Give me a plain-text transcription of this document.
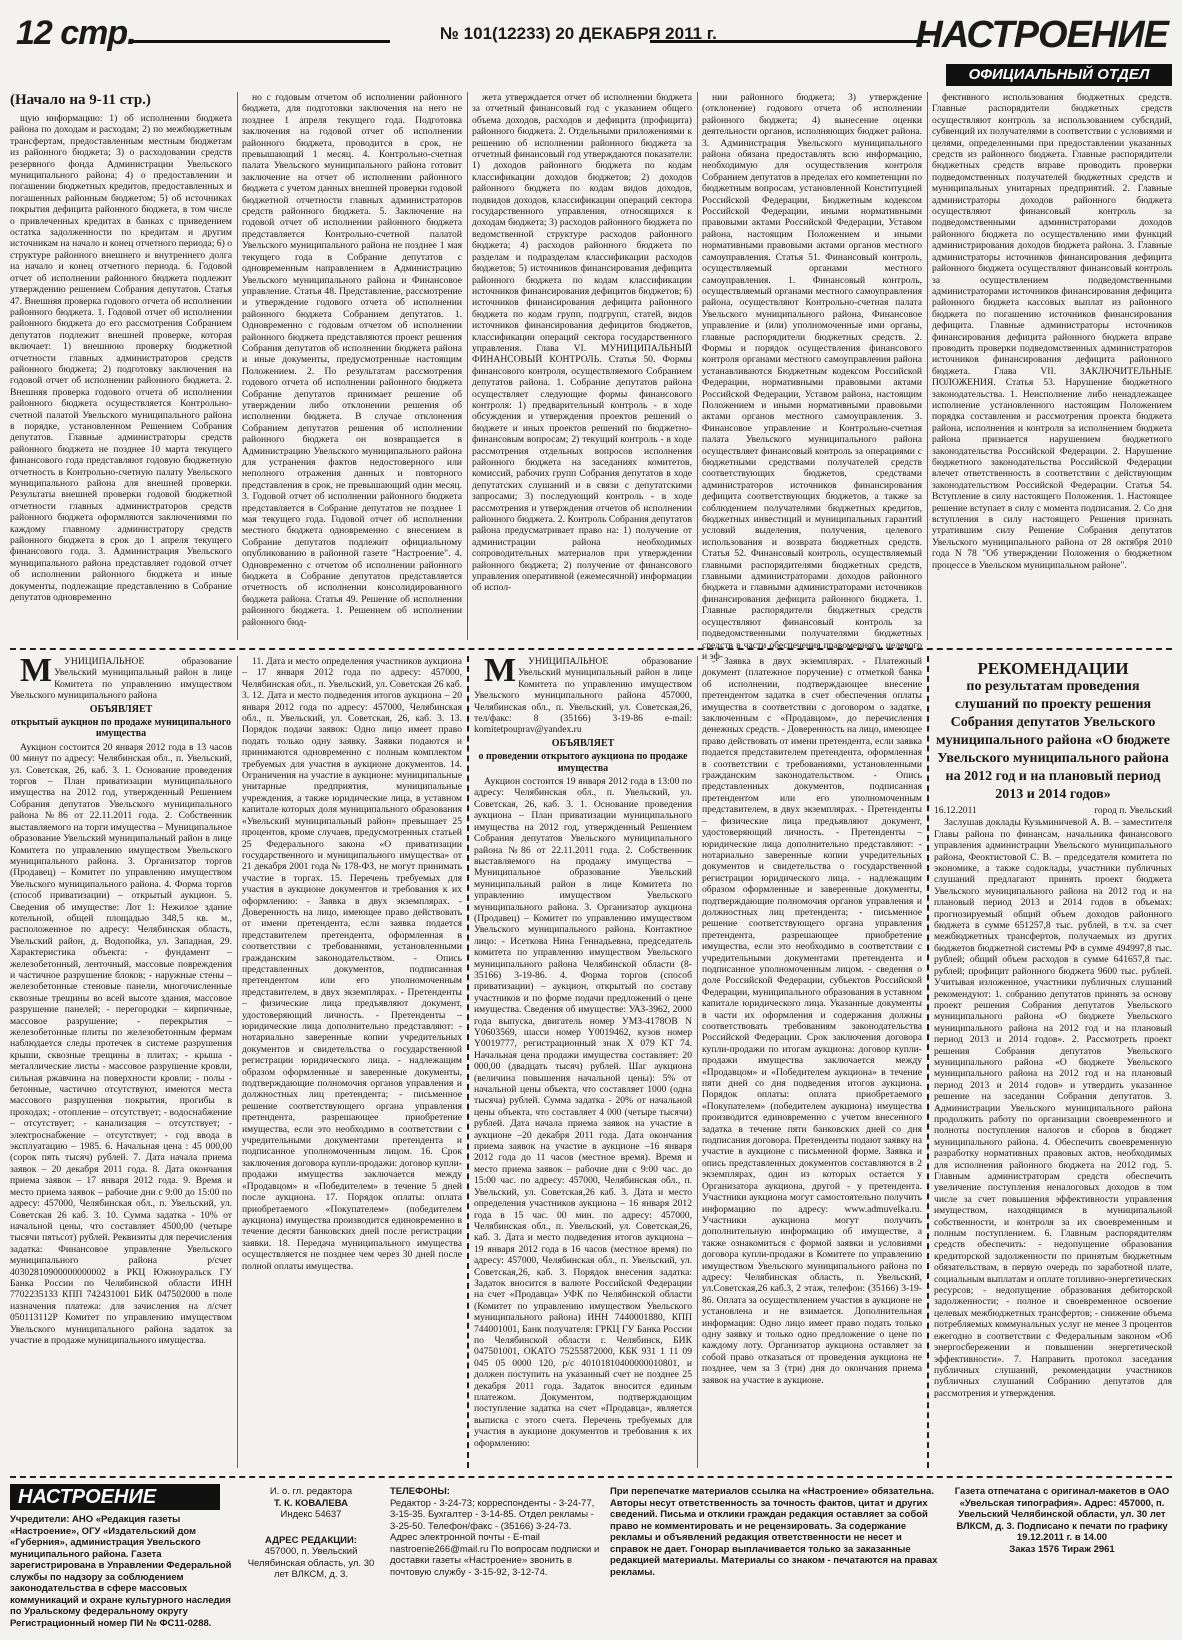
12 стр.	№ 101(12233) 20 ДЕКАБРЯ 2011 г.	НАСТРОЕНИЕ
ОФИЦИАЛЬНЫЙ ОТДЕЛ
(Начало на 9-11 стр.)

щую информацию: 1) об исполнении бюджета района по доходам и расходам; 2) по межбюджетным трансфертам, предоставленным местным бюджетам из районного бюджета; 3) о расходовании средств резервного фонда Администрации Увельского муниципального района; 4) о предоставлении и погашении бюджетных кредитов, предоставленных и погашенных районным бюджетом; 5) об источниках покрытия дефицита районного бюджета, в том числе о привлеченных кредитах в банках с приведением остатка задолженности по кредитам и другим источникам на начало и конец отчетного периода; 6) о структуре районного внешнего и внутреннего долга на начало и конец отчетного периода. 6. Годовой отчет об исполнении районного бюджета подлежит утверждению решением Собрания депутатов. Статья 47. Внешняя проверка годового отчета об исполнении районного бюджета. 1. Годовой отчет об исполнении районного бюджета до его рассмотрения Собранием депутатов подлежит внешней проверке, которая включает: 1) внешнюю проверку бюджетной отчетности главных администраторов средств районного бюджета; 2) подготовку заключения на годовой отчет об исполнении районного бюджета. 2. Внешняя проверка годового отчета об исполнении районного бюджета осуществляется Контрольно-счетной палатой Увельского муниципального района в порядке, установленном Решением Собрания депутатов. Главные администраторы средств районного бюджета не позднее 10 марта текущего финансового года представляют годовую бюджетную отчетность в Контрольно-счетную палату Увельского муниципального района для внешней проверки. Результаты внешней проверки годовой бюджетной отчетности главных администраторов средств районного бюджета оформляются заключениями по каждому главному администратору средств районного бюджета в срок до 1 апреля текущего финансового года. 3. Администрация Увельского муниципального района представляет годовой отчет об исполнении районного бюджета и иные документы, подлежащие представлению в Собрание депутатов одновременно

но с годовым отчетом об исполнении районного бюджета, для подготовки заключения на него не позднее 1 апреля текущего года. Подготовка заключения на годовой отчет об исполнении районного бюджета, проводится в срок, не превышающий 1 месяц. 4. Контрольно-счетная палата Увельского муниципального района готовит заключение на отчет об исполнении районного бюджета с учетом данных внешней проверки годовой бюджетной отчетности главных администраторов средств районного бюджета. 5. Заключение на годовой отчет об исполнении районного бюджета представляется Контрольно-счетной палатой Увельского муниципального района не позднее 1 мая текущего года в Собрание депутатов с одновременным направлением в Администрацию Увельского муниципального района и Финансовое управление. Статья 48. Представление, рассмотрение и утверждение годового отчета об исполнении районного бюджета Собранием депутатов. 1. Одновременно с годовым отчетом об исполнении районного бюджета представляются проект решения Собрания депутатов об исполнении бюджета района и иные документы, предусмотренные настоящим Положением. 2. По результатам рассмотрения годового отчета об исполнении районного бюджета Собрание депутатов принимает решение об утверждении либо отклонении решения об исполнении бюджета. В случае отклонения Собранием депутатов решения об исполнении районного бюджета он возвращается в Администрацию Увельского муниципального района для устранения фактов недостоверного или неполного отражения данных и повторного представления в срок, не превышающий один месяц. 3. Годовой отчет об исполнении районного бюджета представляется в Собрание депутатов не позднее 1 мая текущего года. Годовой отчет об исполнении местного бюджета одновременно с внесением в Собрание депутатов подлежит официальному опубликованию в районной газете "Настроение". 4. Одновременно с отчетом об исполнении районного бюджета в Собрание депутатов представляется отчетность об исполнении консолидированного бюджета района. Статья 49. Решение об исполнении районного бюджета. 1. Решением об исполнении районного бюд-

жета утверждается отчет об исполнении бюджета за отчетный финансовый год с указанием общего объема доходов, расходов и дефицита (профицита) районного бюджета. 2. Отдельными приложениями к решению об исполнении районного бюджета за отчетный финансовый год утверждаются показатели: 1) доходов районного бюджета по кодам классификации доходов бюджетов; 2) доходов районного бюджета по кодам видов доходов, подвидов доходов, классификации операций сектора государственного управления, относящихся к доходам бюджета; 3) расходов районного бюджета по ведомственной структуре расходов районного бюджета; 4) расходов районного бюджета по разделам и подразделам классификации расходов бюджетов; 5) источников финансирования дефицита районного бюджета по кодам классификации источников финансирования дефицитов бюджетов; 6) источников финансирования дефицита районного бюджета по кодам групп, подгрупп, статей, видов источников финансирования дефицитов бюджетов, классификации операций сектора государственного управления. Глава VI. МУНИЦИПАЛЬНЫЙ ФИНАНСОВЫЙ КОНТРОЛЬ. Статья 50. Формы финансового контроля, осуществляемого Собранием депутатов района. 1. Собрание депутатов района осуществляет следующие формы финансового контроля: 1) предварительный контроль - в ходе обсуждения и утверждения проектов решений о бюджете и иных проектов решений по бюджетно-финансовым вопросам; 2) текущий контроль - в ходе рассмотрения отдельных вопросов исполнения районного бюджета на заседаниях комитетов, комиссий, рабочих групп Собрания депутатов в ходе депутатских слушаний и в связи с депутатскими запросами; 3) последующий контроль - в ходе рассмотрения и утверждения отчетов об исполнении районного бюджета. 2. Контроль Собрания депутатов района предусматривает право на: 1) получение от администрации района необходимых сопроводительных материалов при утверждении районного бюджета; 2) получение от финансового управления оперативной (ежемесячной) информации об испол-

нии районного бюджета; 3) утверждение (отклонение) годового отчета об исполнении районного бюджета; 4) вынесение оценки деятельности органов, исполняющих бюджет района. 3. Администрация Увельского муниципального района обязана предоставлять всю информацию, необходимую для осуществления контроля Собранием депутатов в пределах его компетенции по бюджетным вопросам, установленной Конституцией Российской Федерации, Бюджетным кодексом Российской Федерации, иными нормативными правовыми актами Российской Федерации, Уставом района, настоящим Положением и иными нормативными правовыми актами органов местного самоуправления. Статья 51. Финансовый контроль, осуществляемый органами местного самоуправления. 1. Финансовый контроль, осуществляемый органами местного самоуправления района, осуществляют Контрольно-счетная палата Увельского муниципального района, Финансовое управление и (или) уполномоченные ими органы, главные распорядители бюджетных средств. 2. Формы и порядок осуществления финансового контроля органами местного самоуправления района устанавливаются Бюджетным кодексом Российской Федерации, нормативными правовыми актами Российской Федерации, Уставом района, настоящим Положением и иными нормативными правовыми актами органов местного самоуправления. 3. Финансовое управление и Контрольно-счетная палата Увельского муниципального района осуществляет финансовый контроль за операциями с бюджетными средствами получателей средств соответствующих бюджетов, средствами администраторов источников финансирования дефицита соответствующих бюджетов, а также за соблюдением получателями бюджетных кредитов, бюджетных инвестиций и муниципальных гарантий условий выделения, получения, целевого использования и возврата бюджетных средств. Статья 52. Финансовый контроль, осуществляемый главными распорядителями бюджетных средств, главными администраторами доходов районного бюджета и главными администраторами источников финансирования дефицита районного бюджета. 1. Главные распорядители бюджетных средств осуществляют финансовый контроль за подведомственными получателями бюджетных средств в части обеспечения правомерного, целевого и эф-

фективного использования бюджетных средств. Главные распорядители бюджетных средств осуществляют контроль за использованием субсидий, субвенций их получателями в соответствии с условиями и целями, определенными при предоставлении указанных средств из районного бюджета. Главные распорядители бюджетных средств вправе проводить проверки подведомственных получателей бюджетных средств и муниципальных унитарных предприятий. 2. Главные администраторы доходов районного бюджета осуществляют финансовый контроль за подведомственными администраторами доходов районного бюджета по осуществлению ими функций администрирования доходов бюджета района. 3. Главные администраторы источников финансирования дефицита районного бюджета осуществляют финансовый контроль за осуществлением подведомственными администраторами источников финансирования дефицита районного бюджета кассовых выплат из районного бюджета по погашению источников финансирования дефицита. Главные администраторы источников финансирования дефицита районного бюджета вправе проводить проверки подведомственных администраторов источников финансирования дефицита районного бюджета. Глава VII. ЗАКЛЮЧИТЕЛЬНЫЕ ПОЛОЖЕНИЯ. Статья 53. Нарушение бюджетного законодательства. 1. Неисполнение либо ненадлежащее исполнение установленного настоящим Положением порядка составления и рассмотрения проекта бюджета района, исполнения и контроля за исполнением бюджета района признается нарушением бюджетного законодательства Российской Федерации. 2. Нарушение бюджетного законодательства Российской Федерации влечет ответственность в соответствии с действующим законодательством Российской Федерации. Статья 54. Вступление в силу настоящего Положения. 1. Настоящее решение вступает в силу с момента подписания. 2. Со дня вступления в силу настоящего Решения признать утратившим силу Решение Собрания депутатов Увельского муниципального района от 28 октября 2010 года N 78 "Об утверждении Положения о бюджетном процессе в Увельском муниципальном районе".

МУНИЦИПАЛЬНОЕ образование Увельский муниципальный район в лице Комитета по управлению имуществом Увельского муниципального района

ОБЪЯВЛЯЕТ
открытый аукцион по продаже муниципального имущества

Аукцион состоится 20 января 2012 года в 13 часов 00 минут по адресу: Челябинская обл., п. Увельский, ул. Советская, 26, каб. 3. 1. Основание проведения торгов – План приватизации муниципального имущества на 2012 год, утвержденный Решением Собрания депутатов Увельского муниципального района №86 от 22.11.2011 года. 2. Собственник выставляемого на торги имущества – Муниципальное образование Увельский муниципальный район в лице Комитета по управлению имуществом Увельского муниципального района. 3. Организатор торгов (Продавец) – Комитет по управлению имуществом Увельского муниципального района. 4. Форма торгов (способ приватизации) – открытый аукцион. 5. Сведения об имуществе: Лот 1: Нежилое здание котельной, общей площадью 348,5 кв. м., расположенное по адресу: Челябинская область, Увельский район, д. Водопойка, ул. Западная, 29. Характеристика объекта: - фундамент – железобетонный, ленточный, массовые повреждения и частичное разрушение блоков; - наружные стены – железобетонные стеновые панели, многочисленные сквозные трещины во всей высоте здания, массовое разрушение панелей; - перегородки – кирпичные, массовое разрушение; - перекрытия – железобетонные плиты по железобетонным фермам наблюдается следы протечек в системе разрушения крыши, сквозные трещины в плитах; - крыша - металлические листы - массовое разрушение кровли, сильная ржавчина на поверхности кровли; - полы - бетонные, частично отсутствуют, имеются места массового разрушения покрытия, прогибы в проходах; - отопление – отсутствует; - водоснабжение – отсутствует; - канализация – отсутствует; - электроснабжение – отсутствует; - год ввода в эксплуатацию – 1985. 6. Начальная цена : 45 000,00 (сорок пять тысяч) рублей. 7. Дата начала приема заявок – 20 декабря 2011 года. 8. Дата окончания приема заявок – 17 января 2012 года. 9. Время и место приема заявок – рабочие дни с 9:00 до 15:00 по адресу: 457000, Челябинская обл., п. Увельский, ул. Советская 26 каб. 3. 10. Сумма задатка - 10% от начальной цены, что составляет 4500,00 (четыре тысячи пятьсот) рублей. Реквизиты для перечисления задатка: Финансовое управление Увельского муниципального района р/счет 40302810900000000002 в РКЦ Южноуральск ГУ Банка России по Челябинской области ИНН 7702235133 КПП 742431001 БИК 047502000 в поле назначения платежа: для зачисления на л/счет 050113112Р Комитет по управлению имуществом Увельского муниципального района задаток за участие в продаже муниципального имущества.

11. Дата и место определения участников аукциона – 17 января 2012 года по адресу: 457000, Челябинская обл., п. Увельский, ул. Советская 26 каб. 3. 12. Дата и место подведения итогов аукциона – 20 января 2012 года по адресу: 457000, Челябинская обл., п. Увельский, ул. Советская, 26, каб. 3. 13. Порядок подачи заявок: Одно лицо имеет право подать только одну заявку. Заявки подаются и принимаются одновременно с полным комплектом требуемых для участия в аукционе документов. 14. Ограничения на участие в аукционе: муниципальные унитарные предприятия, муниципальные учреждения, а также юридические лица, в уставном капитале которых доля муниципального образования «Увельский муниципальный район» превышает 25 процентов, кроме случаев, предусмотренных статьей 25 Федерального закона «О приватизации государственного и муниципального имущества» от 21 декабря 2001 года № 178-ФЗ, не могут принимать участие в торгах. 15. Перечень требуемых для участия в аукционе документов и требования к их оформлению: - Заявка в двух экземплярах. - Доверенность на лицо, имеющее право действовать от имени претендента, если заявка подается представителем претендента, оформленная в соответствии с требованиями, установленными гражданским законодательством. - Опись представленных документов, подписанная претендентом или его уполномоченным представителем, в двух экземплярах. - Претенденты – физические лица предъявляют документ, удостоверяющий личность. - Претенденты – юридические лица дополнительно представляют: - нотариально заверенные копии учредительных документов и свидетельства о государственной регистрации юридического лица. - надлежащим образом оформленные и заверенные документы, подтверждающие полномочия органов управления и должностных лиц претендента; - письменное решение соответствующего органа управления претендента, разрешающее приобретение имущества, если это необходимо в соответствии с учредительными документами претендента и подписанное уполномоченным лицом. 16. Срок заключения договора купли-продажи: договор купли-продажи имущества заключается между «Продавцом» и «Победителем» в течение 5 дней после аукциона. 17. Порядок оплаты: оплата приобретаемого «Покупателем» (победителем аукциона) имущества производится единовременно в течение десяти банковских дней после регистрации заявки. 18. Передача муниципального имущества осуществляется не позднее чем через 30 дней после полной оплаты имущества.

МУНИЦИПАЛЬНОЕ образование Увельский муниципальный район в лице Комитета по управлению имуществом Увельского муниципального района 457000, Челябинская обл., п. Увельский, ул. Советская,26, тел/факс: 8 (35166) 3-19-86 e-mail: komitetpouprav@yandex.ru

ОБЪЯВЛЯЕТ
о проведении открытого аукциона по продаже имущества

Аукцион состоится 19 января 2012 года в 13:00 по адресу: Челябинская обл., п. Увельский, ул. Советская, 26, каб. 3. 1. Основание проведения аукциона – План приватизации муниципального имущества на 2012 год, утвержденный Решением Собрания депутатов Увельского муниципального района №86 от 22.11.2011 года. 2. Собственник выставляемого на продажу имущества – Муниципальное образование Увельский муниципальный район в лице Комитета по управлению имуществом Увельского муниципального района. 3. Организатор аукциона (Продавец) – Комитет по управлению имуществом Увельского муниципального района. Контактное лицо: - Исеткова Нина Геннадьевна, председатель комитета по управлению имуществом Увельского муниципального района Челябинской области (8-35166) 3-19-86. 4. Форма торгов (способ приватизации) – аукцион, открытый по составу участников и по форме подачи предложений о цене имущества. Сведения об имуществе: УАЗ-3962, 2000 года выпуска, двигатель номер УМЗ-4178ОВ N Y0603569, шасси номер Y0019462, кузов номер Y0019777, регистрационный знак Х 079 КТ 74. Начальная цена продажи имущества составляет: 20 000,00 (двадцать тысяч) рублей. Шаг аукциона (величина повышения начальной цены): 5% от начальной цены объекта, что составляет 1000 (одна тысяча) рублей. Сумма задатка - 20% от начальной цены объекта, что составляет 4 000 (четыре тысячи) рублей. Дата начала приема заявок на участие в аукционе –20 декабря 2011 года. Дата окончания приема заявок на участие в аукционе –16 января 2012 года до 11 часов (местное время). Время и место приема заявок – рабочие дни с 9:00 час. до 15:00 час. по адресу: 457000, Челябинская обл., п. Увельский, ул. Советская,26 каб. 3. Дата и место определения участников аукциона – 16 января 2012 года в 15 час. 00 мин. по адресу: 457000, Челябинская обл., п. Увельский, ул. Советская,26, каб. 3. Дата и место подведения итогов аукциона – 19 января 2012 года в 16 часов (местное время) по адресу: 457000, Челябинская обл., п. Увельский, ул. Советская,26, каб. 3. Порядок внесения задатка: Задаток вносится в валюте Российской Федерации на счет «Продавца» УФК по Челябинской области (Комитет по управлению имуществом Увельского муниципального района) ИНН 7440001880, КПП 744001001, Банк получателя: ГРКЦ ГУ Банка России по Челябинской области г. Челябинск, БИК 047501001, ОКАТО 75255872000, КБК 931 1 11 09 045 05 0000 120, р/с 40101810400000010801, и должен поступить на указанный счет не позднее 25 декабря 2011 года. Задаток вносится единым платежом. Документом, подтверждающим поступление задатка на счет «Продавца», является выписка с этого счета. Перечень требуемых для участия в аукционе документов и требования к их оформлению:

- Заявка в двух экземплярах. - Платежный документ (платежное поручение) с отметкой банка об исполнении, подтверждающее внесение претендентом задатка в счет обеспечения оплаты имущества в соответствии с договором о задатке, заключенным с «Продавцом», до перечисления денежных средств. - Доверенность на лицо, имеющее право действовать от имени претендента, если заявка подается представителем претендента, оформленная в соответствии с требованиями, установленными гражданским законодательством. - Опись представленных документов, подписанная претендентом или его уполномоченным представителем, в двух экземплярах. - Претенденты – физические лица предъявляют документ, удостоверяющий личность. - Претенденты – юридические лица дополнительно представляют: - нотариально заверенные копии учредительных документов и свидетельства о государственной регистрации юридического лица. - надлежащим образом оформленные и заверенные документы, подтверждающие полномочия органов управления и должностных лиц претендента; - письменное решение соответствующего органа управления претендента, разрешающее приобретение имущества, если это необходимо в соответствии с учредительными документами претендента и подписанное уполномоченным лицом. - сведения о доле Российской Федерации, субъектов Российской Федерации, муниципального образования в уставном капитале юридического лица. Указанные документы в части их оформления и содержания должны соответствовать требованиям законодательства Российской Федерации. Срок заключения договора купли-продажи по итогам аукциона: договор купли-продажи имущества заключается между «Продавцом» и «Победителем аукциона» в течение пяти дней со дня подведения итогов аукциона. Порядок оплаты: оплата приобретаемого «Покупателем» (победителем аукциона) имущества производится единовременно с учетом внесенного задатка в течение пяти банковских дней со дня подписания договора. Претенденты подают заявку на участие в аукционе с письменной форме. Заявка и опись представленных документов составляются в 2 экземплярах, один из которых остается у Организатора аукциона, другой - у претендента. Участники аукциона могут самостоятельно получить информацию по адресу: www.admuvelka.ru. Участники аукциона могут получить дополнительную информацию об имуществе, а также ознакомиться с формой заявки и условиями договора купли-продажи в Комитете по управлению имуществом Увельского муниципального района по адресу: Челябинская область, п. Увельский, ул.Советская,26 каб.3, 2 этаж, телефон: (35166) 3-19-86. Оплата за осуществлением участия в аукционе не установлена и не взимается. Дополнительная информация: Одно лицо имеет право подать только одну заявку и только одно предложение о цене по каждому лоту. Организатор аукциона оставляет за собой право отказаться от проведения аукциона не позднее, чем за 3 (три) дня до окончания приема заявок на участие в аукционе.

РЕКОМЕНДАЦИИ
по результатам проведения слушаний по проекту решения Собрания депутатов Увельского муниципального района «О бюджете Увельского муниципального района на 2012 год и на плановый период 2013 и 2014 годов»

16.12.2011	город п. Увельский

Заслушав доклады Кузьминичевой А. В. – заместителя Главы района по финансам, начальника финансового управления администрации Увельского муниципального района, Феоктистовой С. В. – председателя комитета по экономике, а также содоклады, участники публичных слушаний предлагают принять проект бюджета Увельского муниципального района на 2012 год и на плановый период 2013 и 2014 годов в объемах: прогнозируемый общий объем доходов районного бюджета в сумме 651257,8 тыс. рублей, в т.ч. за счет межбюджетных трансфертов, получаемых из других бюджетов бюджетной системы РФ в сумме 494997,8 тыс. рублей; общий объем расходов в сумме 641657,8 тыс. рублей; профицит районного бюджета 9600 тыс. рублей. Учитывая изложенное, участники публичных слушаний рекомендуют: 1. собранию депутатов принять за основу проект решения Собрания депутатов Увельского муниципального района «О бюджете Увельского муниципального района на 2012 год и на плановый период 2013 и 2014 годов». 2. Рассмотреть проект решения Собрания депутатов Увельского муниципального района «О бюджете Увельского муниципального района на 2012 год и на плановый период 2013 и 2014 годов» и утвердить указанное решение на заседании Собрания депутатов. 3. Администрации Увельского муниципального района продолжить работу по организации своевременного и полноты поступления налогов и сборов в бюджет муниципального района. 4. Обеспечить своевременную разработку нормативных правовых актов, необходимых для исполнения районного бюджета на 2012 год. 5. Главным администраторам средств обеспечить увеличение поступления неналоговых доходов в том числе за счет повышения эффективности управления имуществом, находящимся в муниципальной собственности, и контроля за их своевременным и полным поступлением. 6. Главным распорядителям средств обеспечить: - недопущение образования кредиторской задолженности по принятым бюджетным обязательствам, в первую очередь по заработной плате, социальным выплатам и оплате топливно-энергетических ресурсов; - недопущение образования дебиторской задолженности; - полное и своевременное освоение целевых межбюджетных трансфертов; - снижение объема потребляемых коммунальных услуг не менее 3 процентов ежегодно в соответствии с Федеральным законом «Об энергосбережении и повышении энергетической эффективности». 7. Направить протокол заседания публичных слушаний, рекомендации участников публичных слушаний Собранию депутатов для рассмотрения и утверждения.

НАСТРОЕНИЕ
Учредители: АНО «Редакция газеты «Настроение», ОГУ «Издательский дом «Губерния», администрация Увельского муниципального района. Газета зарегистрирована в Управлении Федеральной службы по надзору за соблюдением законодательства в сфере массовых коммуникаций и охране культурного наследия по Уральскому федеральному округу
Регистрационный номер ПИ № ФС11-0288.
И. о. гл. редактора
Т. К. КОВАЛЕВА
Индекс 54637
АДРЕС РЕДАКЦИИ:
457000, п. Увельский Челябинская область, ул. 30 лет ВЛКСМ, д. 3.
ТЕЛЕФОНЫ:
Редактор - 3-24-73; корреспонденты - 3-24-77, 3-15-35. Бухгалтер - 3-14-85. Отдел рекламы - 3-25-50. Телефон/факс - (35166) 3-24-73. Адрес электронной почты - E-mail nastroenie266@mail.ru По вопросам подписки и доставки газеты «Настроение» звонить в почтовую службу - 3-15-92, 3-12-74.
При перепечатке материалов ссылка на «Настроение» обязательна. Авторы несут ответственность за точность фактов, цитат и других сведений. Письма и отклики граждан редакция оставляет за собой право не комментировать и не рецензировать. За содержание рекламы и объявлений редакция ответственности не несет и справок не дает. Гонорар выплачивается только за заказанные редакцией материалы. Материалы со знаком - печатаются на правах рекламы.
Газета отпечатана с оригинал-макетов в ОАО «Увельская типография». Адрес: 457000, п. Увельский Челябинской области, ул. 30 лет ВЛКСМ, д. 3. Подписано к печати по графику 19.12.2011 г. в 14.00
Заказ 1576 Тираж 2961
